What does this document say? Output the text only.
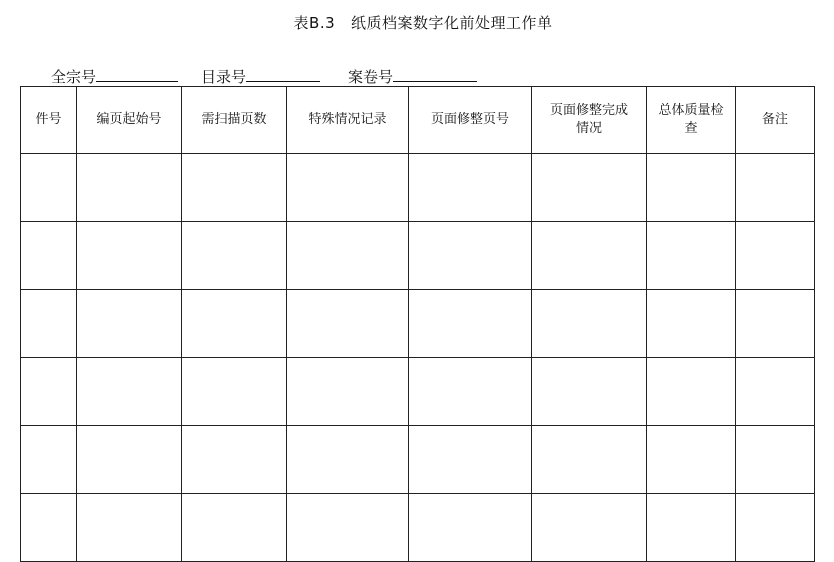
表B.3   纸质档案数字化前处理工作单
全宗号	目录号	案卷号
件号	编页起始号	需扫描页数	特殊情况记录	页面修整页号	页面修整完成情况	总体质量检查	备注
